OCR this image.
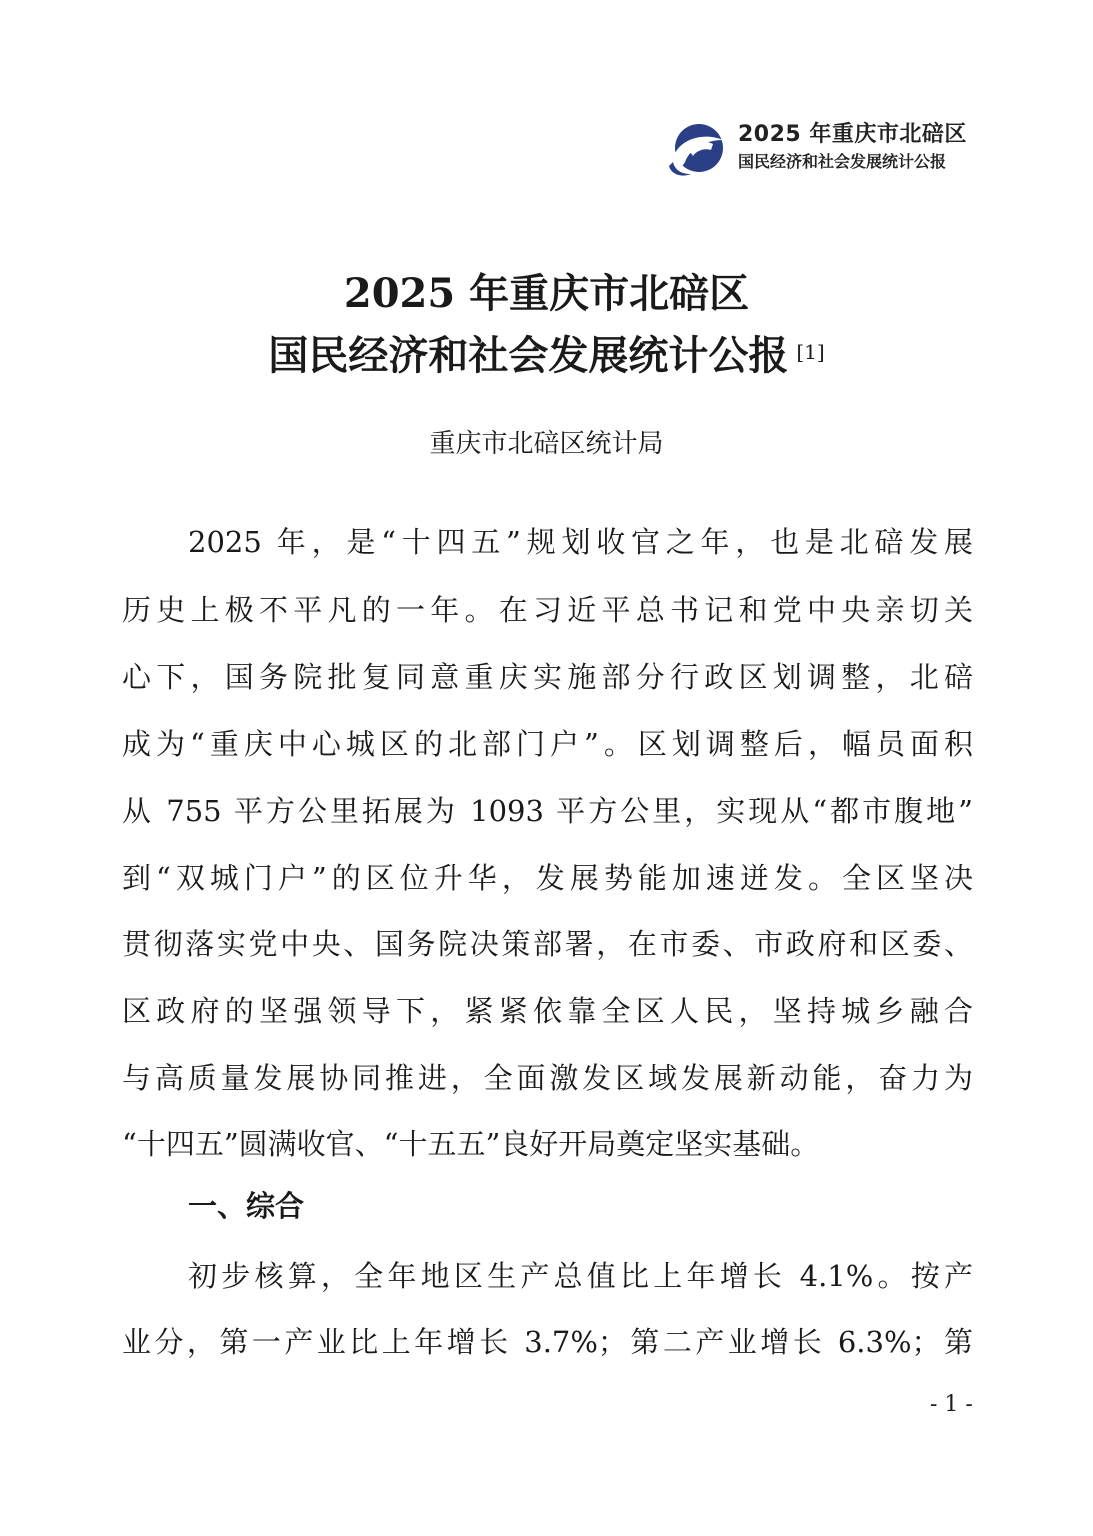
2025 年重庆市北碚区
国民经济和社会发展统计公报
2025 年重庆市北碚区
国民经济和社会发展统计公报 [1]
重庆市北碚区统计局
2025 年，是“十四五”规划收官之年，也是北碚发展
历史上极不平凡的一年。在习近平总书记和党中央亲切关
心下，国务院批复同意重庆实施部分行政区划调整，北碚
成为“重庆中心城区的北部门户”。区划调整后，幅员面积
从 755 平方公里拓展为 1093 平方公里，实现从“都市腹地”
到“双城门户”的区位升华，发展势能加速迸发。全区坚决
贯彻落实党中央、国务院决策部署，在市委、市政府和区委、
区政府的坚强领导下，紧紧依靠全区人民，坚持城乡融合
与高质量发展协同推进，全面激发区域发展新动能，奋力为
“十四五”圆满收官、“十五五”良好开局奠定坚实基础。
一、综合
初步核算，全年地区生产总值比上年增长 4.1%。按产
业分，第一产业比上年增长 3.7%；第二产业增长 6.3%；第
- 1 -
